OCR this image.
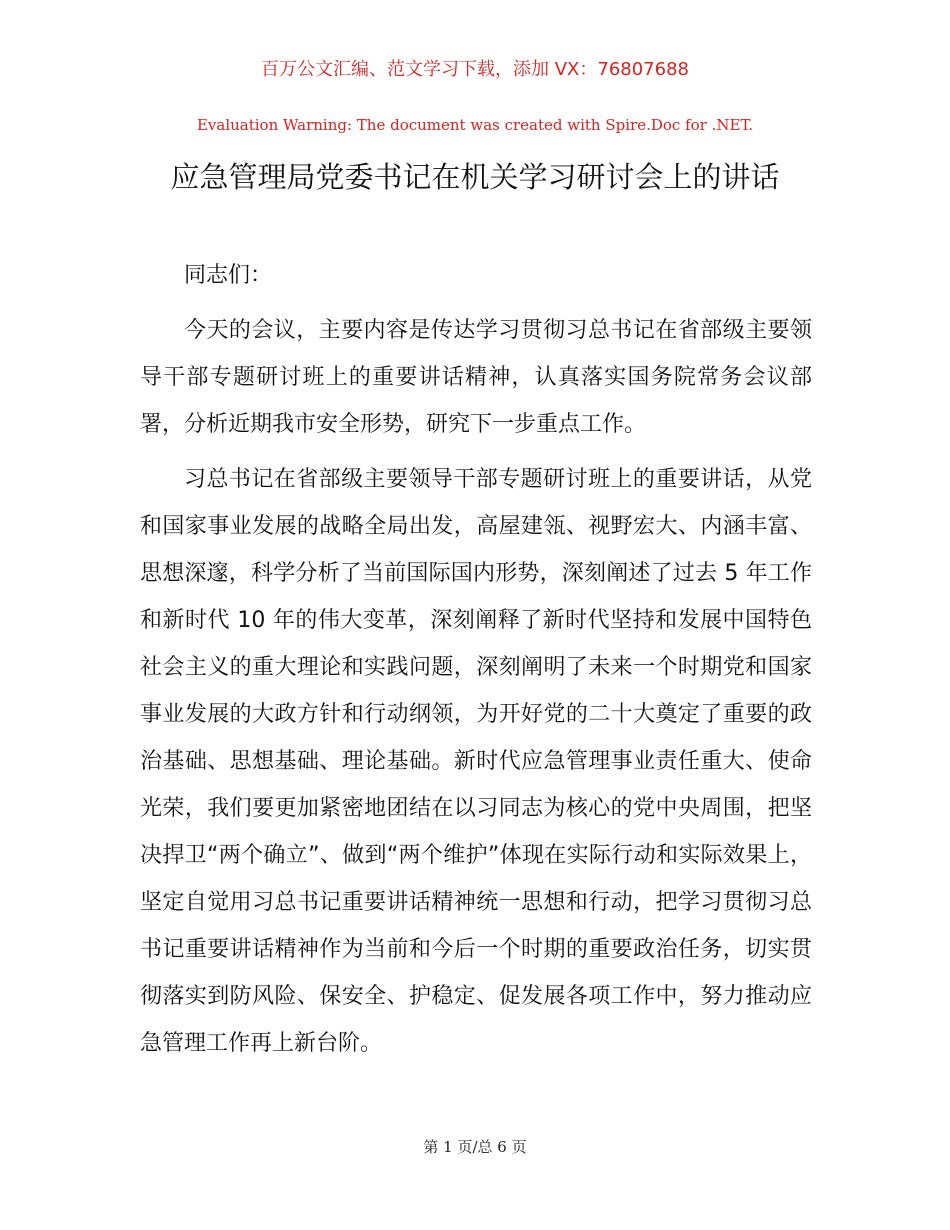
百万公文汇编、范文学习下载，添加 VX：76807688
Evaluation Warning: The document was created with Spire.Doc for .NET.
应急管理局党委书记在机关学习研讨会上的讲话

同志们：

今天的会议，主要内容是传达学习贯彻习总书记在省部级主要领导干部专题研讨班上的重要讲话精神，认真落实国务院常务会议部署，分析近期我市安全形势，研究下一步重点工作。

习总书记在省部级主要领导干部专题研讨班上的重要讲话，从党和国家事业发展的战略全局出发，高屋建瓴、视野宏大、内涵丰富、思想深邃，科学分析了当前国际国内形势，深刻阐述了过去 5 年工作和新时代 10 年的伟大变革，深刻阐释了新时代坚持和发展中国特色社会主义的重大理论和实践问题，深刻阐明了未来一个时期党和国家事业发展的大政方针和行动纲领，为开好党的二十大奠定了重要的政治基础、思想基础、理论基础。新时代应急管理事业责任重大、使命光荣，我们要更加紧密地团结在以习同志为核心的党中央周围，把坚决捍卫“两个确立”、做到“两个维护”体现在实际行动和实际效果上，坚定自觉用习总书记重要讲话精神统一思想和行动，把学习贯彻习总书记重要讲话精神作为当前和今后一个时期的重要政治任务，切实贯彻落实到防风险、保安全、护稳定、促发展各项工作中，努力推动应急管理工作再上新台阶。

第 1 页/总 6 页
